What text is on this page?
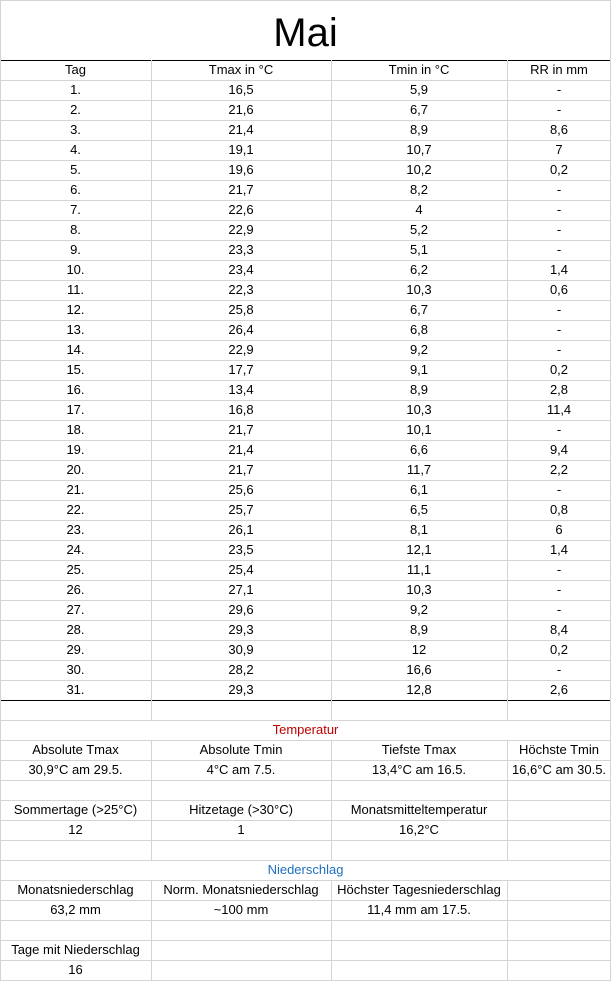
Mai
Tag	Tmax in °C	Tmin in °C	RR in mm
1.	16,5	5,9	-
2.	21,6	6,7	-
3.	21,4	8,9	8,6
4.	19,1	10,7	7
5.	19,6	10,2	0,2
6.	21,7	8,2	-
7.	22,6	4	-
8.	22,9	5,2	-
9.	23,3	5,1	-
10.	23,4	6,2	1,4
11.	22,3	10,3	0,6
12.	25,8	6,7	-
13.	26,4	6,8	-
14.	22,9	9,2	-
15.	17,7	9,1	0,2
16.	13,4	8,9	2,8
17.	16,8	10,3	11,4
18.	21,7	10,1	-
19.	21,4	6,6	9,4
20.	21,7	11,7	2,2
21.	25,6	6,1	-
22.	25,7	6,5	0,8
23.	26,1	8,1	6
24.	23,5	12,1	1,4
25.	25,4	11,1	-
26.	27,1	10,3	-
27.	29,6	9,2	-
28.	29,3	8,9	8,4
29.	30,9	12	0,2
30.	28,2	16,6	-
31.	29,3	12,8	2,6
Temperatur
Absolute Tmax	Absolute Tmin	Tiefste Tmax	Höchste Tmin
30,9°C am 29.5.	4°C am 7.5.	13,4°C am 16.5.	16,6°C am 30.5.
Sommertage (>25°C)	Hitzetage (>30°C)	Monatsmitteltemperatur
12	1	16,2°C
Niederschlag
Monatsniederschlag	Norm. Monatsniederschlag	Höchster Tagesniederschlag
63,2 mm	~100 mm	11,4 mm am 17.5.
Tage mit Niederschlag
16
